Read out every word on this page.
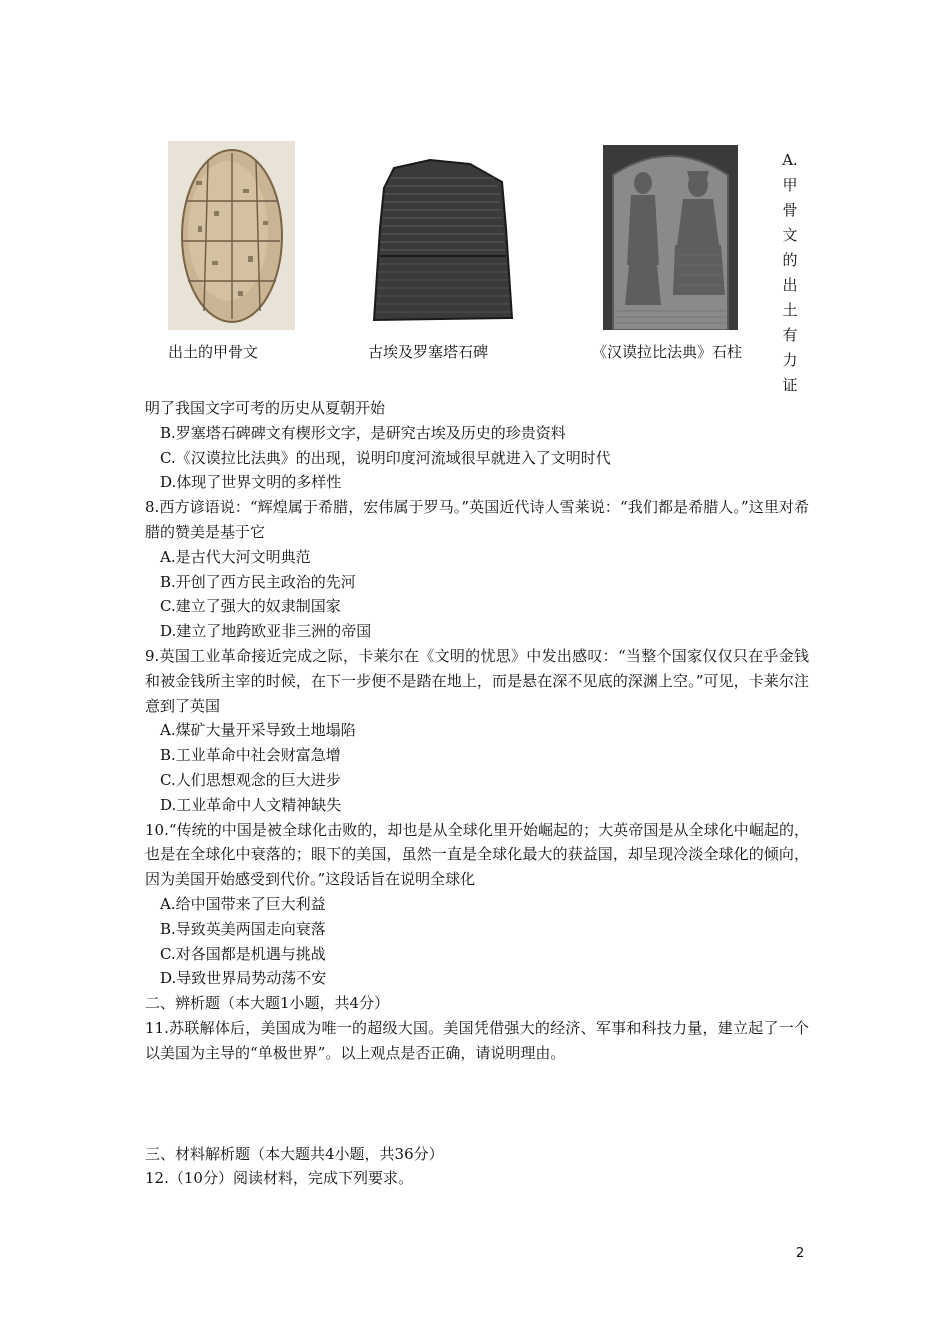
出土的甲骨文	古埃及罗塞塔石碑	《汉谟拉比法典》石柱
A.
甲
骨
文
的
出
土
有
力
证
明了我国文字可考的历史从夏朝开始
B.罗塞塔石碑碑文有楔形文字，是研究古埃及历史的珍贵资料
C.《汉谟拉比法典》的出现，说明印度河流域很早就进入了文明时代
D.体现了世界文明的多样性
8.西方谚语说：“辉煌属于希腊，宏伟属于罗马。”英国近代诗人雪莱说：“我们都是希腊人。”这里对希腊的赞美是基于它
A.是古代大河文明典范
B.开创了西方民主政治的先河
C.建立了强大的奴隶制国家
D.建立了地跨欧亚非三洲的帝国
9.英国工业革命接近完成之际，卡莱尔在《文明的忧思》中发出感叹：“当整个国家仅仅只在乎金钱和被金钱所主宰的时候，在下一步便不是踏在地上，而是悬在深不见底的深渊上空。”可见，卡莱尔注意到了英国
A.煤矿大量开采导致土地塌陷
B.工业革命中社会财富急增
C.人们思想观念的巨大进步
D.工业革命中人文精神缺失
10.“传统的中国是被全球化击败的，却也是从全球化里开始崛起的；大英帝国是从全球化中崛起的，也是在全球化中衰落的；眼下的美国，虽然一直是全球化最大的获益国，却呈现冷淡全球化的倾向，因为美国开始感受到代价。”这段话旨在说明全球化
A.给中国带来了巨大利益
B.导致英美两国走向衰落
C.对各国都是机遇与挑战
D.导致世界局势动荡不安
二、辨析题（本大题1小题，共4分）
11.苏联解体后，美国成为唯一的超级大国。美国凭借强大的经济、军事和科技力量，建立起了一个以美国为主导的“单极世界”。以上观点是否正确，请说明理由。
三、材料解析题（本大题共4小题，共36分）
12.（10分）阅读材料，完成下列要求。
2
